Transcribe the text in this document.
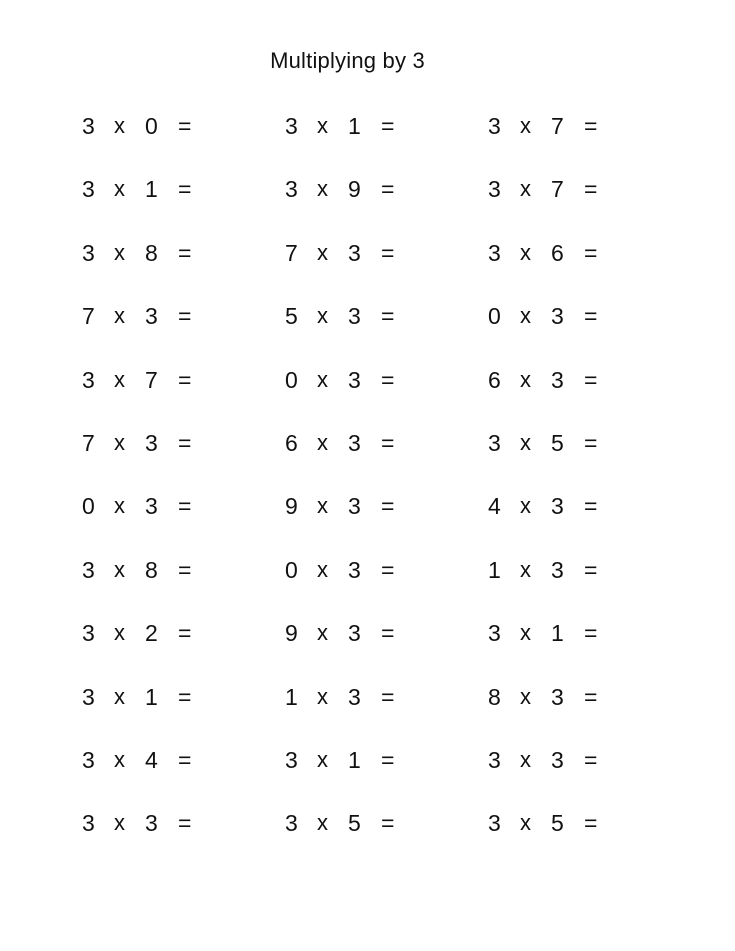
Multiplying by 3
3 x 0 =	3 x 1 =	3 x 7 =
3 x 1 =	3 x 9 =	3 x 7 =
3 x 8 =	7 x 3 =	3 x 6 =
7 x 3 =	5 x 3 =	0 x 3 =
3 x 7 =	0 x 3 =	6 x 3 =
7 x 3 =	6 x 3 =	3 x 5 =
0 x 3 =	9 x 3 =	4 x 3 =
3 x 8 =	0 x 3 =	1 x 3 =
3 x 2 =	9 x 3 =	3 x 1 =
3 x 1 =	1 x 3 =	8 x 3 =
3 x 4 =	3 x 1 =	3 x 3 =
3 x 3 =	3 x 5 =	3 x 5 =
